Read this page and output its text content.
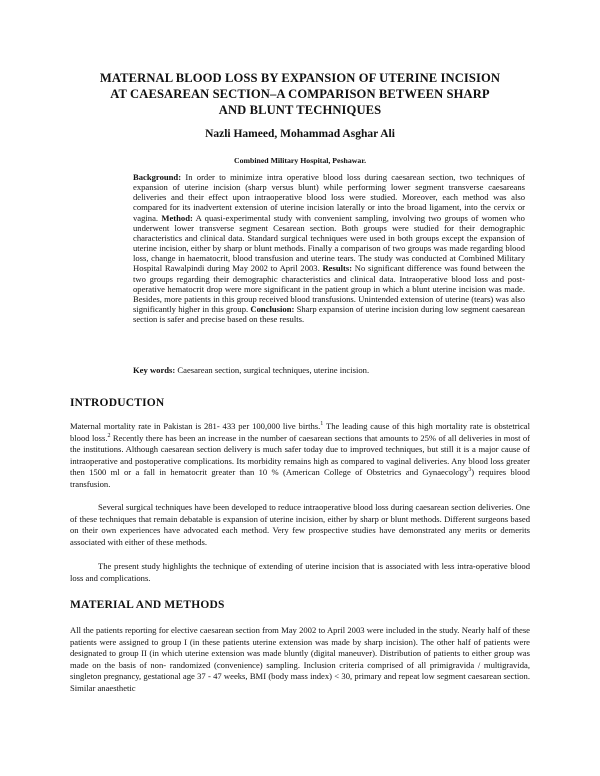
MATERNAL BLOOD LOSS BY EXPANSION OF UTERINE INCISION
AT CAESAREAN SECTION–A COMPARISON BETWEEN SHARP
AND BLUNT TECHNIQUES
Nazli Hameed, Mohammad Asghar Ali
Combined Military Hospital, Peshawar.
Background: In order to minimize intra operative blood loss during caesarean section, two techniques of expansion of uterine incision (sharp versus blunt) while performing lower segment transverse caesareans deliveries and their effect upon intraoperative blood loss were studied. Moreover, each method was also compared for its inadvertent extension of uterine incision laterally or into the broad ligament, into the cervix or vagina. Method: A quasi-experimental study with convenient sampling, involving two groups of women who underwent lower transverse segment Cesarean section. Both groups were studied for their demographic characteristics and clinical data. Standard surgical techniques were used in both groups except the expansion of uterine incision, either by sharp or blunt methods. Finally a comparison of two groups was made regarding blood loss, change in haematocrit, blood transfusion and uterine tears. The study was conducted at Combined Military Hospital Rawalpindi during May 2002 to April 2003. Results: No significant difference was found between the two groups regarding their demographic characteristics and clinical data. Intraoperative blood loss and post-operative hematocrit drop were more significant in the patient group in which a blunt uterine incision was made. Besides, more patients in this group received blood transfusions. Unintended extension of uterine (tears) was also significantly higher in this group. Conclusion: Sharp expansion of uterine incision during low segment caesarean section is safer and precise based on these results.
Key words: Caesarean section, surgical techniques, uterine incision.
INTRODUCTION

Maternal mortality rate in Pakistan is 281- 433 per 100,000 live births.$^1$ The leading cause of this high mortality rate is obstetrical blood loss.$^2$ Recently there has been an increase in the number of caesarean sections that amounts to 25% of all deliveries in most of the institutions. Although caesarean section delivery is much safer today due to improved techniques, but still it is a major cause of intraoperative and postoperative complications. Its morbidity remains high as compared to vaginal deliveries. Any blood loss greater then 1500 ml or a fall in hematocrit greater than 10 % (American College of Obstetrics and Gynaecology$^3$) requires blood transfusion.

Several surgical techniques have been developed to reduce intraoperative blood loss during caesarean section deliveries. One of these techniques that remain debatable is expansion of uterine incision, either by sharp or blunt methods. Different surgeons based on their own experiences have advocated each method. Very few prospective studies have demonstrated any merits or demerits associated with either of these methods.

The present study highlights the technique of extending of uterine incision that is associated with less intra-operative blood loss and complications.

MATERIAL AND METHODS

All the patients reporting for elective caesarean section from May 2002 to April 2003 were included in the study. Nearly half of these patients were assigned to group I (in these patients uterine extension was made by sharp incision). The other half of patients were designated to group II (in which uterine extension was made bluntly (digital maneuver). Distribution of patients to either group was made on the basis of non- randomized (convenience) sampling. Inclusion criteria comprised of all primigravida / multigravida, singleton pregnancy, gestational age 37 - 47 weeks, BMI (body mass index) < 30, primary and repeat low segment caesarean section. Similar anaesthetic
